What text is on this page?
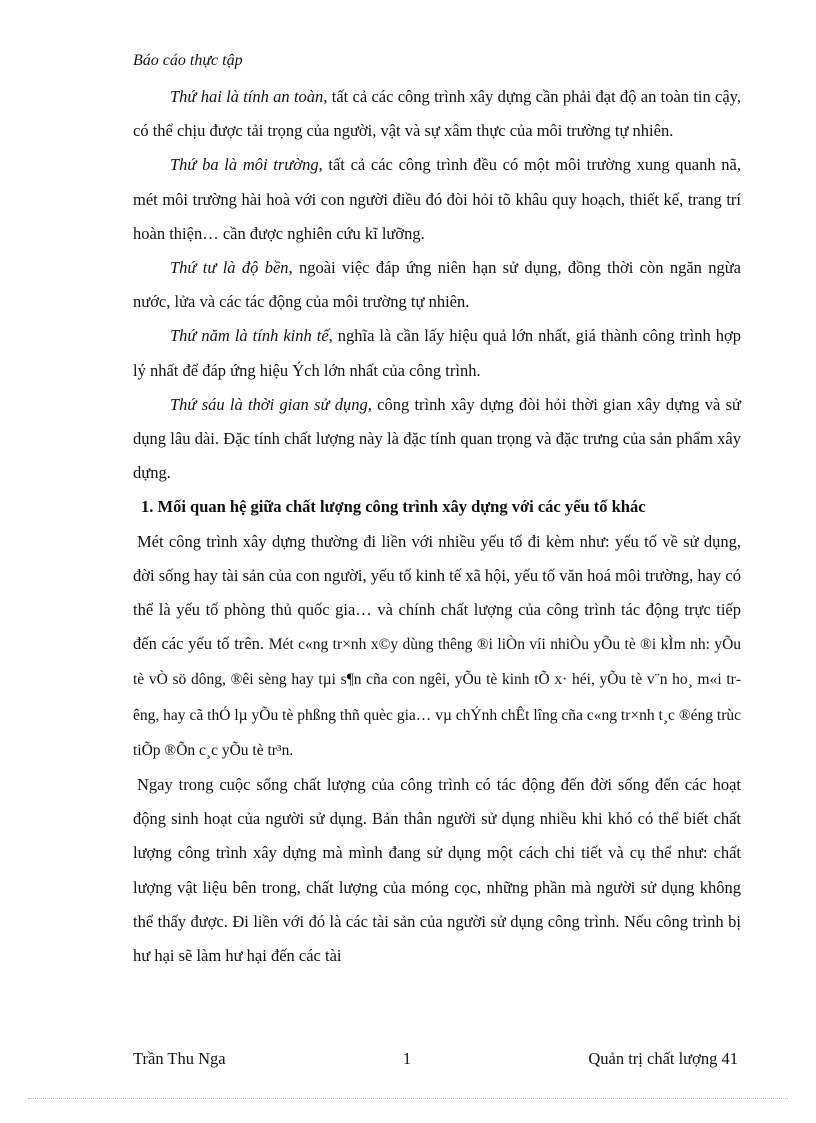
Báo cáo thực tập

Thứ hai là tính an toàn, tất cả các công trình xây dựng cần phải đạt độ an toàn tin cậy, có thể chịu được tải trọng của người, vật và sự xâm thực của môi trường tự nhiên.

Thứ ba là môi trường, tất cả các công trình đều có một môi trường xung quanh nã, mét môi trường hài hoà với con người điều đó đòi hỏi tõ khâu quy hoạch, thiết kế, trang trí hoàn thiện… cần được nghiên cứu kĩ lưỡng.

Thứ tư là độ bền, ngoài việc đáp ứng niên hạn sử dụng, đồng thời còn ngăn ngừa nước, lửa và các tác động của môi trường tự nhiên.

Thứ năm là tính kinh tế, nghĩa là cần lấy hiệu quả lớn nhất, giá thành công trình hợp lý nhất để đáp ứng hiệu Ých lớn nhất của công trình.

Thứ sáu là thời gian sử dụng, công trình xây dựng đòi hỏi thời gian xây dựng và sử dụng lâu dài. Đặc tính chất lượng này là đặc tính quan trọng và đặc trưng của sản phẩm xây dựng.

1. Mối quan hệ giữa chất lượng công trình xây dựng với các yếu tố khác

Mét công trình xây dựng thường đi liền với nhiều yếu tố đi kèm như: yếu tố về sử dụng, đời sống hay tài sản của con người, yếu tố kinh tế xã hội, yếu tố văn hoá môi trường, hay có thể là yếu tố phòng thủ quốc gia… và chính chất lượng của công trình tác động trực tiếp đến các yếu tố trên. Mét c«ng tr×nh x©y dùng thêng ®i liÒn víi nhiÒu yÕu tè ®i kÌm nh: yÕu tè vÒ sö dông, ®êi sèng hay tµi s¶n cña con ngêi, yÕu tè kinh tÕ x· héi, yÕu tè v¨n ho¸ m«i trêng, hay cã thÓ lµ yÕu tè phßng thñ quèc gia… vµ chÝnh chÊt lîng cña c«ng tr×nh t¸c ®éng trùc tiÕp ®Õn c¸c yÕu tè tr³n.

Ngay trong cuộc sống chất lượng của công trình có tác động đến đời sống đến các hoạt động sinh hoạt của người sử dụng. Bản thân người sử dụng nhiều khi khó có thể biết chất lượng công trình xây dựng mà mình đang sử dụng một cách chi tiết và cụ thể như: chất lượng vật liệu bên trong, chất lượng của móng cọc, những phần mà người sử dụng không thể thấy được. Đi liền với đó là các tài sản của người sử dụng công trình. Nếu công trình bị hư hại sẽ làm hư hại đến các tài

Trần Thu Nga	1	Quản trị chất lượng 41
